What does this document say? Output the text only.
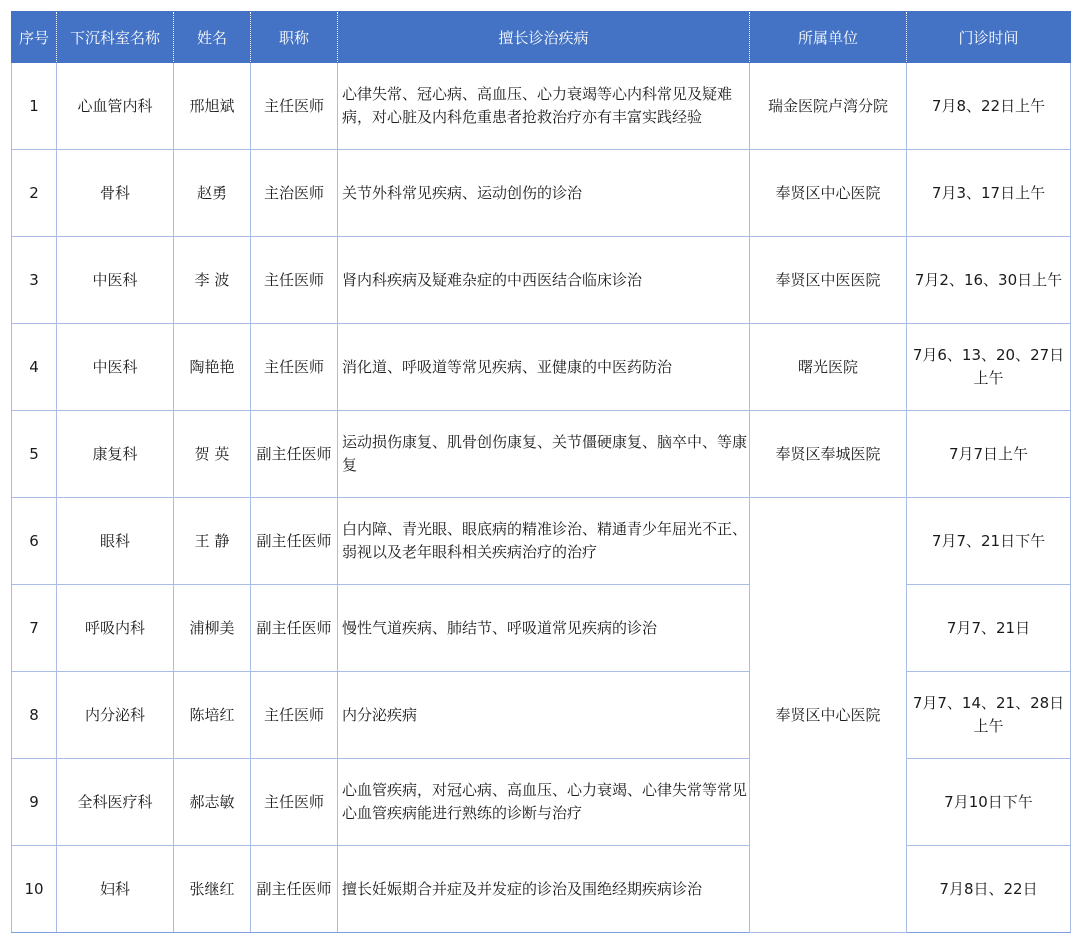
序号	下沉科室名称	姓名	职称	擅长诊治疾病	所属单位	门诊时间
1	心血管内科	邢旭斌	主任医师	心律失常、冠心病、高血压、心力衰竭等心内科常见及疑难病，对心脏及内科危重患者抢救治疗亦有丰富实践经验	瑞金医院卢湾分院	7月8、22日上午
2	骨科	赵勇	主治医师	关节外科常见疾病、运动创伤的诊治	奉贤区中心医院	7月3、17日上午
3	中医科	李 波	主任医师	肾内科疾病及疑难杂症的中西医结合临床诊治	奉贤区中医医院	7月2、16、30日上午
4	中医科	陶艳艳	主任医师	消化道、呼吸道等常见疾病、亚健康的中医药防治	曙光医院	7月6、13、20、27日上午
5	康复科	贺 英	副主任医师	运动损伤康复、肌骨创伤康复、关节僵硬康复、脑卒中、等康复	奉贤区奉城医院	7月7日上午
6	眼科	王 静	副主任医师	白内障、青光眼、眼底病的精准诊治、精通青少年屈光不正、弱视以及老年眼科相关疾病治疗的治疗	奉贤区中心医院	7月7、21日下午
7	呼吸内科	浦柳美	副主任医师	慢性气道疾病、肺结节、呼吸道常见疾病的诊治		7月7、21日
8	内分泌科	陈培红	主任医师	内分泌疾病		7月7、14、21、28日上午
9	全科医疗科	郝志敏	主任医师	心血管疾病，对冠心病、高血压、心力衰竭、心律失常等常见心血管疾病能进行熟练的诊断与治疗		7月10日下午
10	妇科	张继红	副主任医师	擅长妊娠期合并症及并发症的诊治及围绝经期疾病诊治		7月8日、22日
